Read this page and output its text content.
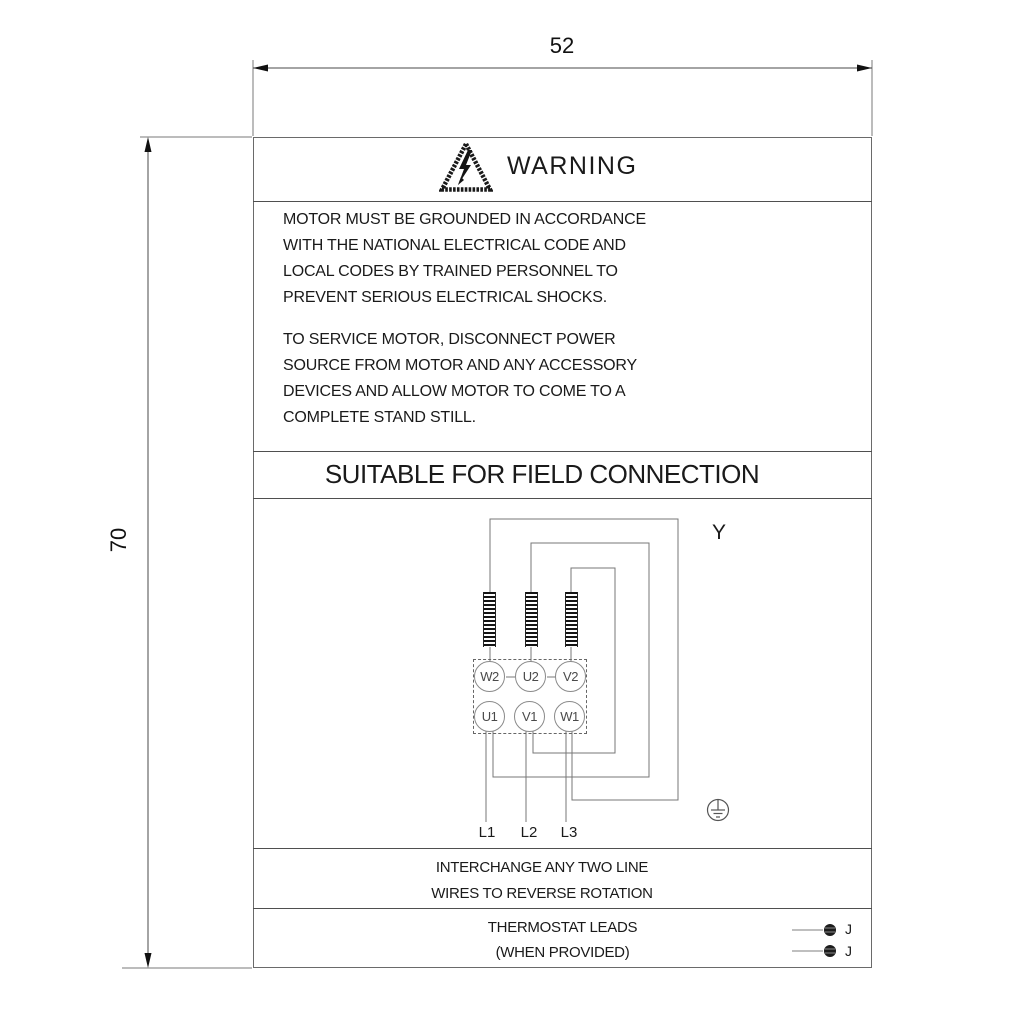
52
70
WARNING
MOTOR MUST BE GROUNDED IN ACCORDANCE
WITH THE NATIONAL ELECTRICAL CODE AND
LOCAL CODES BY TRAINED PERSONNEL TO
PREVENT SERIOUS ELECTRICAL SHOCKS.
TO SERVICE MOTOR, DISCONNECT POWER
SOURCE FROM MOTOR AND ANY ACCESSORY
DEVICES AND ALLOW MOTOR TO COME TO A
COMPLETE STAND STILL.
SUITABLE FOR FIELD CONNECTION
Y
W2	U2	V2
U1	V1	W1
L1	L2	L3
INTERCHANGE ANY TWO LINE
WIRES TO REVERSE ROTATION
THERMOSTAT LEADS
(WHEN PROVIDED)
J
J
